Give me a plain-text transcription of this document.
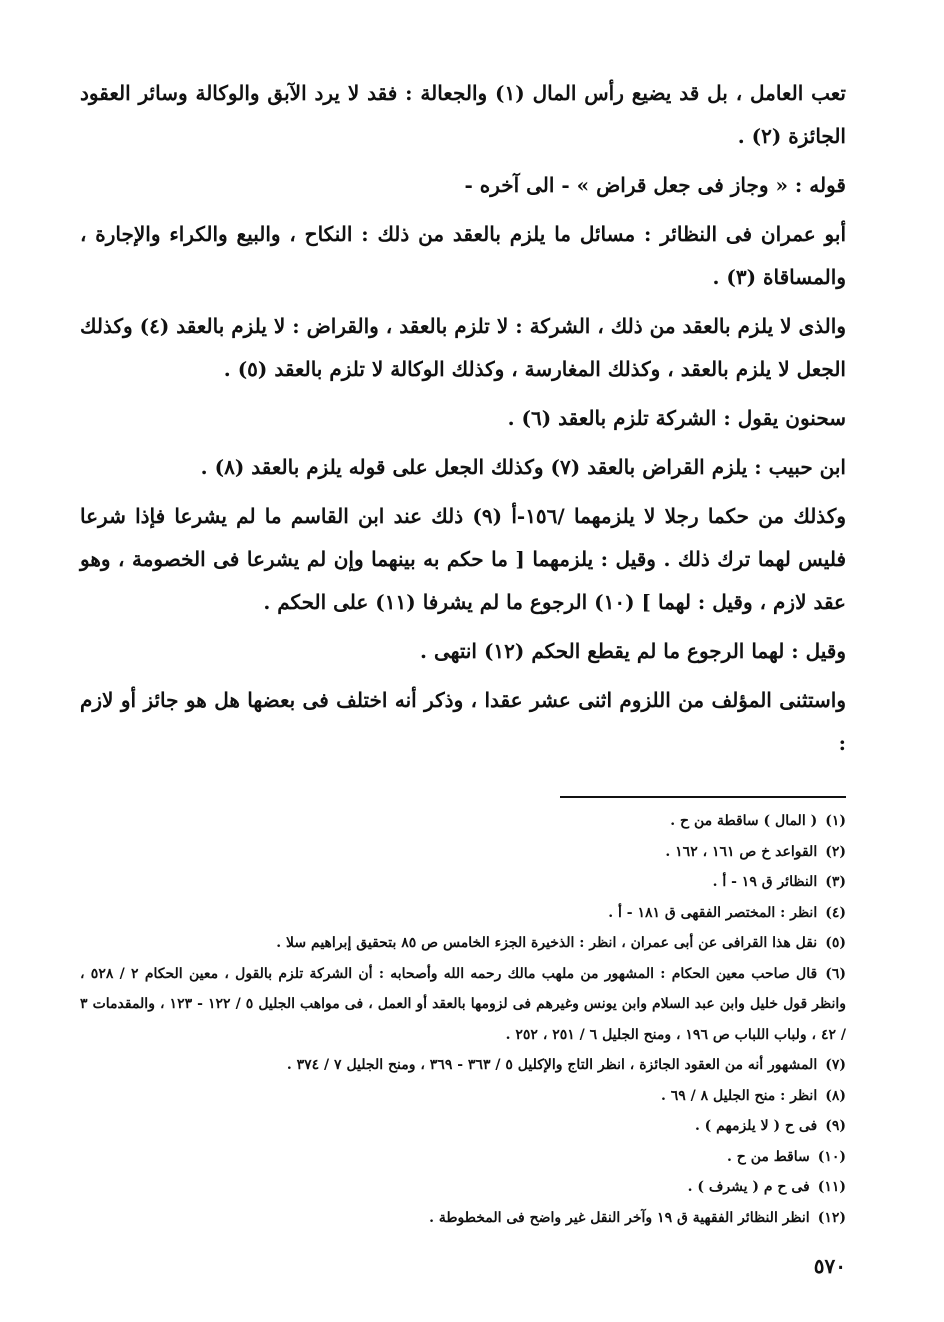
تعب العامل ، بل قد يضيع رأس المال (١) والجعالة : فقد لا يرد الآبق والوكالة وسائر العقود الجائزة (٢) .

قوله : « وجاز فى جعل قراض » - الى آخره -

أبو عمران فى النظائر : مسائل ما يلزم بالعقد من ذلك : النكاح ، والبيع والكراء والإجارة ، والمساقاة (٣) .

والذى لا يلزم بالعقد من ذلك ، الشركة : لا تلزم بالعقد ، والقراض : لا يلزم بالعقد (٤) وكذلك الجعل لا يلزم بالعقد ، وكذلك المغارسة ، وكذلك الوكالة لا تلزم بالعقد (٥) .

سحنون يقول : الشركة تلزم بالعقد (٦) .

ابن حبيب : يلزم القراض بالعقد (٧) وكذلك الجعل على قوله يلزم بالعقد (٨) .

وكذلك من حكما رجلا لا يلزمهما /١٥٦-أ (٩) ذلك عند ابن القاسم ما لم يشرعا فإذا شرعا فليس لهما ترك ذلك . وقيل : يلزمهما [ ما حكم به بينهما وإن لم يشرعا فى الخصومة ، وهو عقد لازم ، وقيل : لهما ] (١٠) الرجوع ما لم يشرفا (١١) على الحكم .

وقيل : لهما الرجوع ما لم يقطع الحكم (١٢) انتهى .

واستثنى المؤلف من اللزوم اثنى عشر عقدا ، وذكر أنه اختلف فى بعضها هل هو جائز أو لازم :

(١)( المال ) ساقطة من ح .

(٢)القواعد خ ص ١٦١ ، ١٦٢ .

(٣)النظائر ق ١٩ - أ .

(٤)انظر : المختصر الفقهى ق ١٨١ - أ .

(٥)نقل هذا القرافى عن أبى عمران ، انظر : الذخيرة الجزء الخامس ص ٨٥ بتحقيق إبراهيم سلا .

(٦)قال صاحب معين الحكام : المشهور من ملهب مالك رحمه الله وأصحابه : أن الشركة تلزم بالقول ، معين الحكام ٢ / ٥٢٨ ، وانظر قول خليل وابن عبد السلام وابن يونس وغيرهم فى لزومها بالعقد أو العمل ، فى مواهب الجليل ٥ / ١٢٢ - ١٢٣ ، والمقدمات ٣ / ٤٢ ، ولباب اللباب ص ١٩٦ ، ومنح الجليل ٦ / ٢٥١ ، ٢٥٢ .

(٧)المشهور أنه من العقود الجائزة ، انظر التاج والإكليل ٥ / ٣٦٣ - ٣٦٩ ، ومنح الجليل ٧ / ٣٧٤ .

(٨)انظر : منح الجليل ٨ / ٦٩ .

(٩)فى ح ( لا يلزمهم ) .

(١٠)ساقط من ح .

(١١)فى ح م ( يشرف ) .

(١٢)انظر النظائر الفقهية ق ١٩ وآخر النقل غير واضح فى المخطوطة .

٥٧٠
